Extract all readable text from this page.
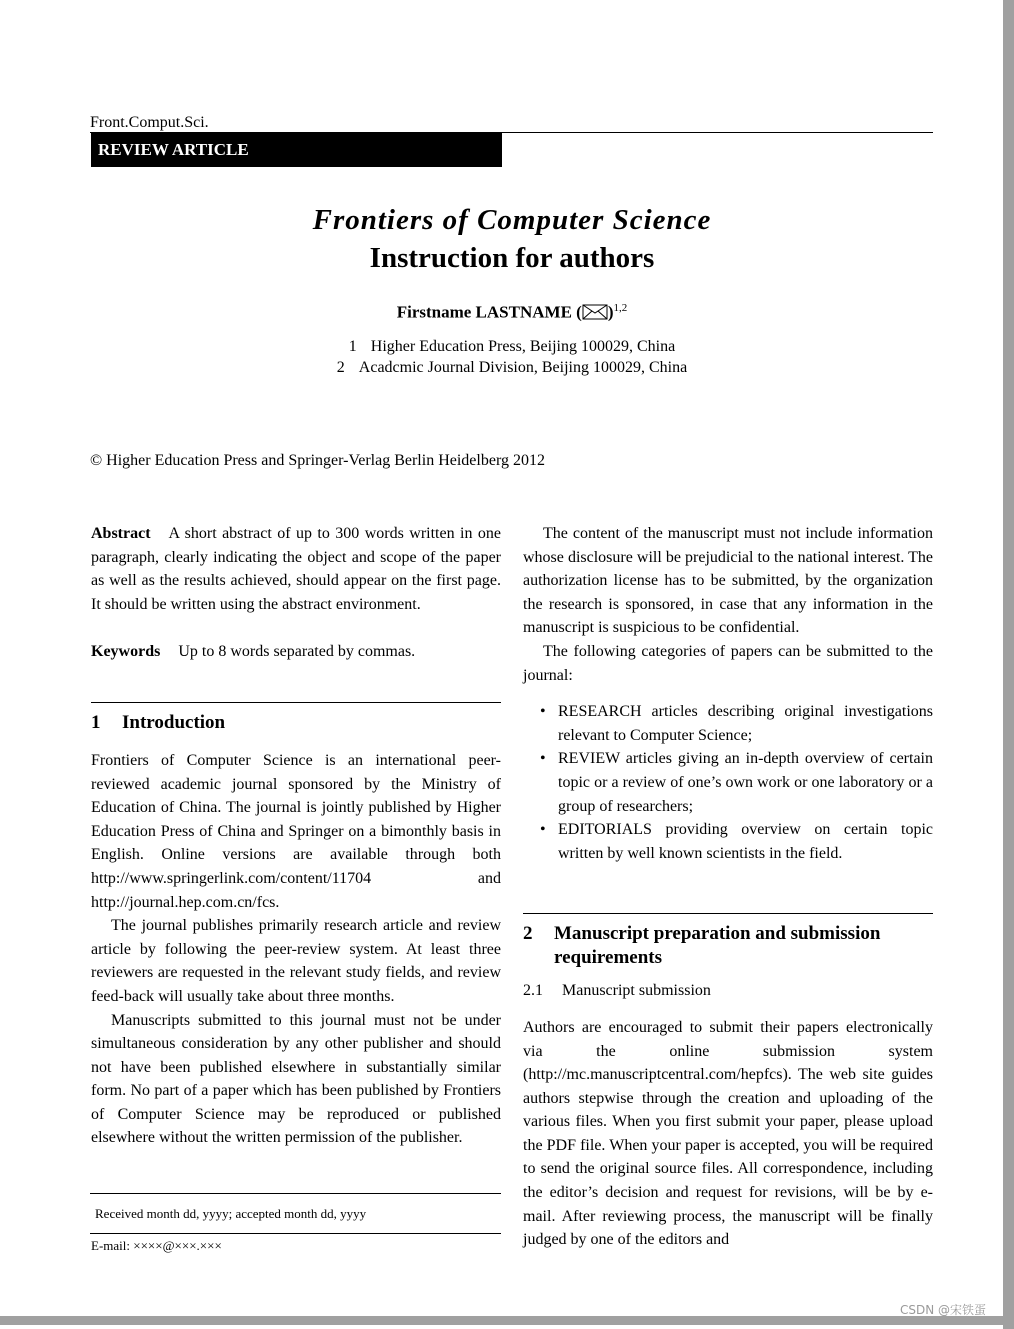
CSDN @宋铁蛋
Front.Comput.Sci.
REVIEW ARTICLE
Frontiers of Computer Science
Instruction for authors
Firstname LASTNAME ( )$^{1,2}$
1 Higher Education Press, Beijing 100029, China
2 Acadcmic Journal Division, Beijing 100029, China
© Higher Education Press and Springer-Verlag Berlin Heidelberg 2012

Abstract A short abstract of up to 300 words written in one paragraph, clearly indicating the object and scope of the paper as well as the results achieved, should appear on the first page. It should be written using the abstract environment.

Keywords Up to 8 words separated by commas.

1	Introduction

Frontiers of Computer Science is an international peer-reviewed academic journal sponsored by the Ministry of Education of China. The journal is jointly published by Higher Education Press of China and Springer on a bimonthly basis in English. Online versions are available through both http://www.springerlink.com/content/11704 and http://journal.hep.com.cn/fcs.

The journal publishes primarily research article and review article by following the peer-review system. At least three reviewers are requested in the relevant study fields, and review feed-back will usually take about three months.

Manuscripts submitted to this journal must not be under simultaneous consideration by any other publisher and should not have been published elsewhere in substantially similar form. No part of a paper which has been published by Frontiers of Computer Science may be reproduced or published elsewhere without the written permission of the publisher.

Received month dd, yyyy; accepted month dd, yyyy
E-mail: ××××@×××.×××

The content of the manuscript must not include information whose disclosure will be prejudicial to the national interest. The authorization license has to be submitted, by the organization the research is sponsored, in case that any information in the manuscript is suspicious to be confidential.

The following categories of papers can be submitted to the journal:

• RESEARCH articles describing original investigations relevant to Computer Science;
• REVIEW articles giving an in-depth overview of certain topic or a review of one’s own work or one laboratory or a group of researchers;
• EDITORIALS providing overview on certain topic written by well known scientists in the field.
2	Manuscript preparation and submission requirements
2.1	Manuscript submission

Authors are encouraged to submit their papers electronically via the online submission system (http://mc.manuscriptcentral.com/hepfcs). The web site guides authors stepwise through the creation and uploading of the various files. When you first submit your paper, please upload the PDF file. When your paper is accepted, you will be required to send the original source files. All correspondence, including the editor’s decision and request for revisions, will be by e-mail. After reviewing process, the manuscript will be finally judged by one of the editors and
